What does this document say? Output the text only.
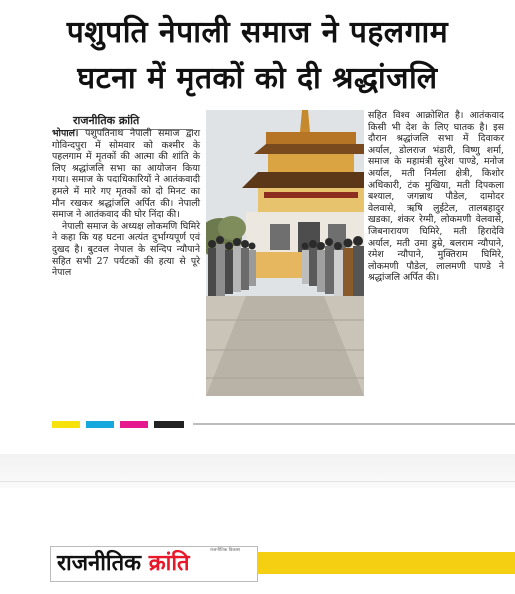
पशुपति नेपाली समाज ने पहलगाम
घटना में मृतकों को दी श्रद्धांजलि
राजनीतिक क्रांति

भोपाल। पशुपतिनाथ नेपाली समाज द्वारा गोविन्दपुरा में सोमवार को कश्मीर के पहलगाम में मृतकों की आत्मा की शांति के लिए श्रद्धांजलि सभा का आयोजन किया गया। समाज के पदाधिकारियों ने आतंकवादी हमले में मारे गए मृतकों को दो मिनट का मौन रखकर श्रद्धांजलि अर्पित की। नेपाली समाज ने आतंकवाद की घोर निंदा की।

नेपाली समाज के अध्यक्ष लोकमणि घिमिरे ने कहा कि यह घटना अत्यंत दुर्भाग्यपूर्ण एवं दुखद है। बुटवल नेपाल के सन्दिप न्यौपाने सहित सभी 27 पर्यटकों की हत्या से पूरे नेपाल

सहित विश्व आक्रोशित है। आतंकवाद किसी भी देश के लिए घातक है। इस दौरान श्रद्धांजलि सभा में दिवाकर अर्याल, डोलराज भंडारी, विष्णु शर्मा, समाज के महामंत्री सुरेश पाण्डे, मनोज अर्याल, मती निर्मला क्षेत्री, किशोर अधिकारी, टंक मुखिया, मती दिपकला बश्याल, जगन्नाथ पौडेल, दामोदर वेलवासे, ऋषि लुईटेल, तालबहादुर खडका, शंकर रेग्मी, लोकमणी वेलवासे, जिबनारायण घिमिरे, मती हिरादेवि अर्याल, मती उमा डुम्रे, बलराम न्यौपाने, रमेश न्यौपाने, मुक्तिराम घिमिरे, लोकमणी पौडेल, लालमणी पाण्डे ने श्रद्धांजलि अर्पित की।

राजनीतिक विकास
राजनीतिक क्रांति
